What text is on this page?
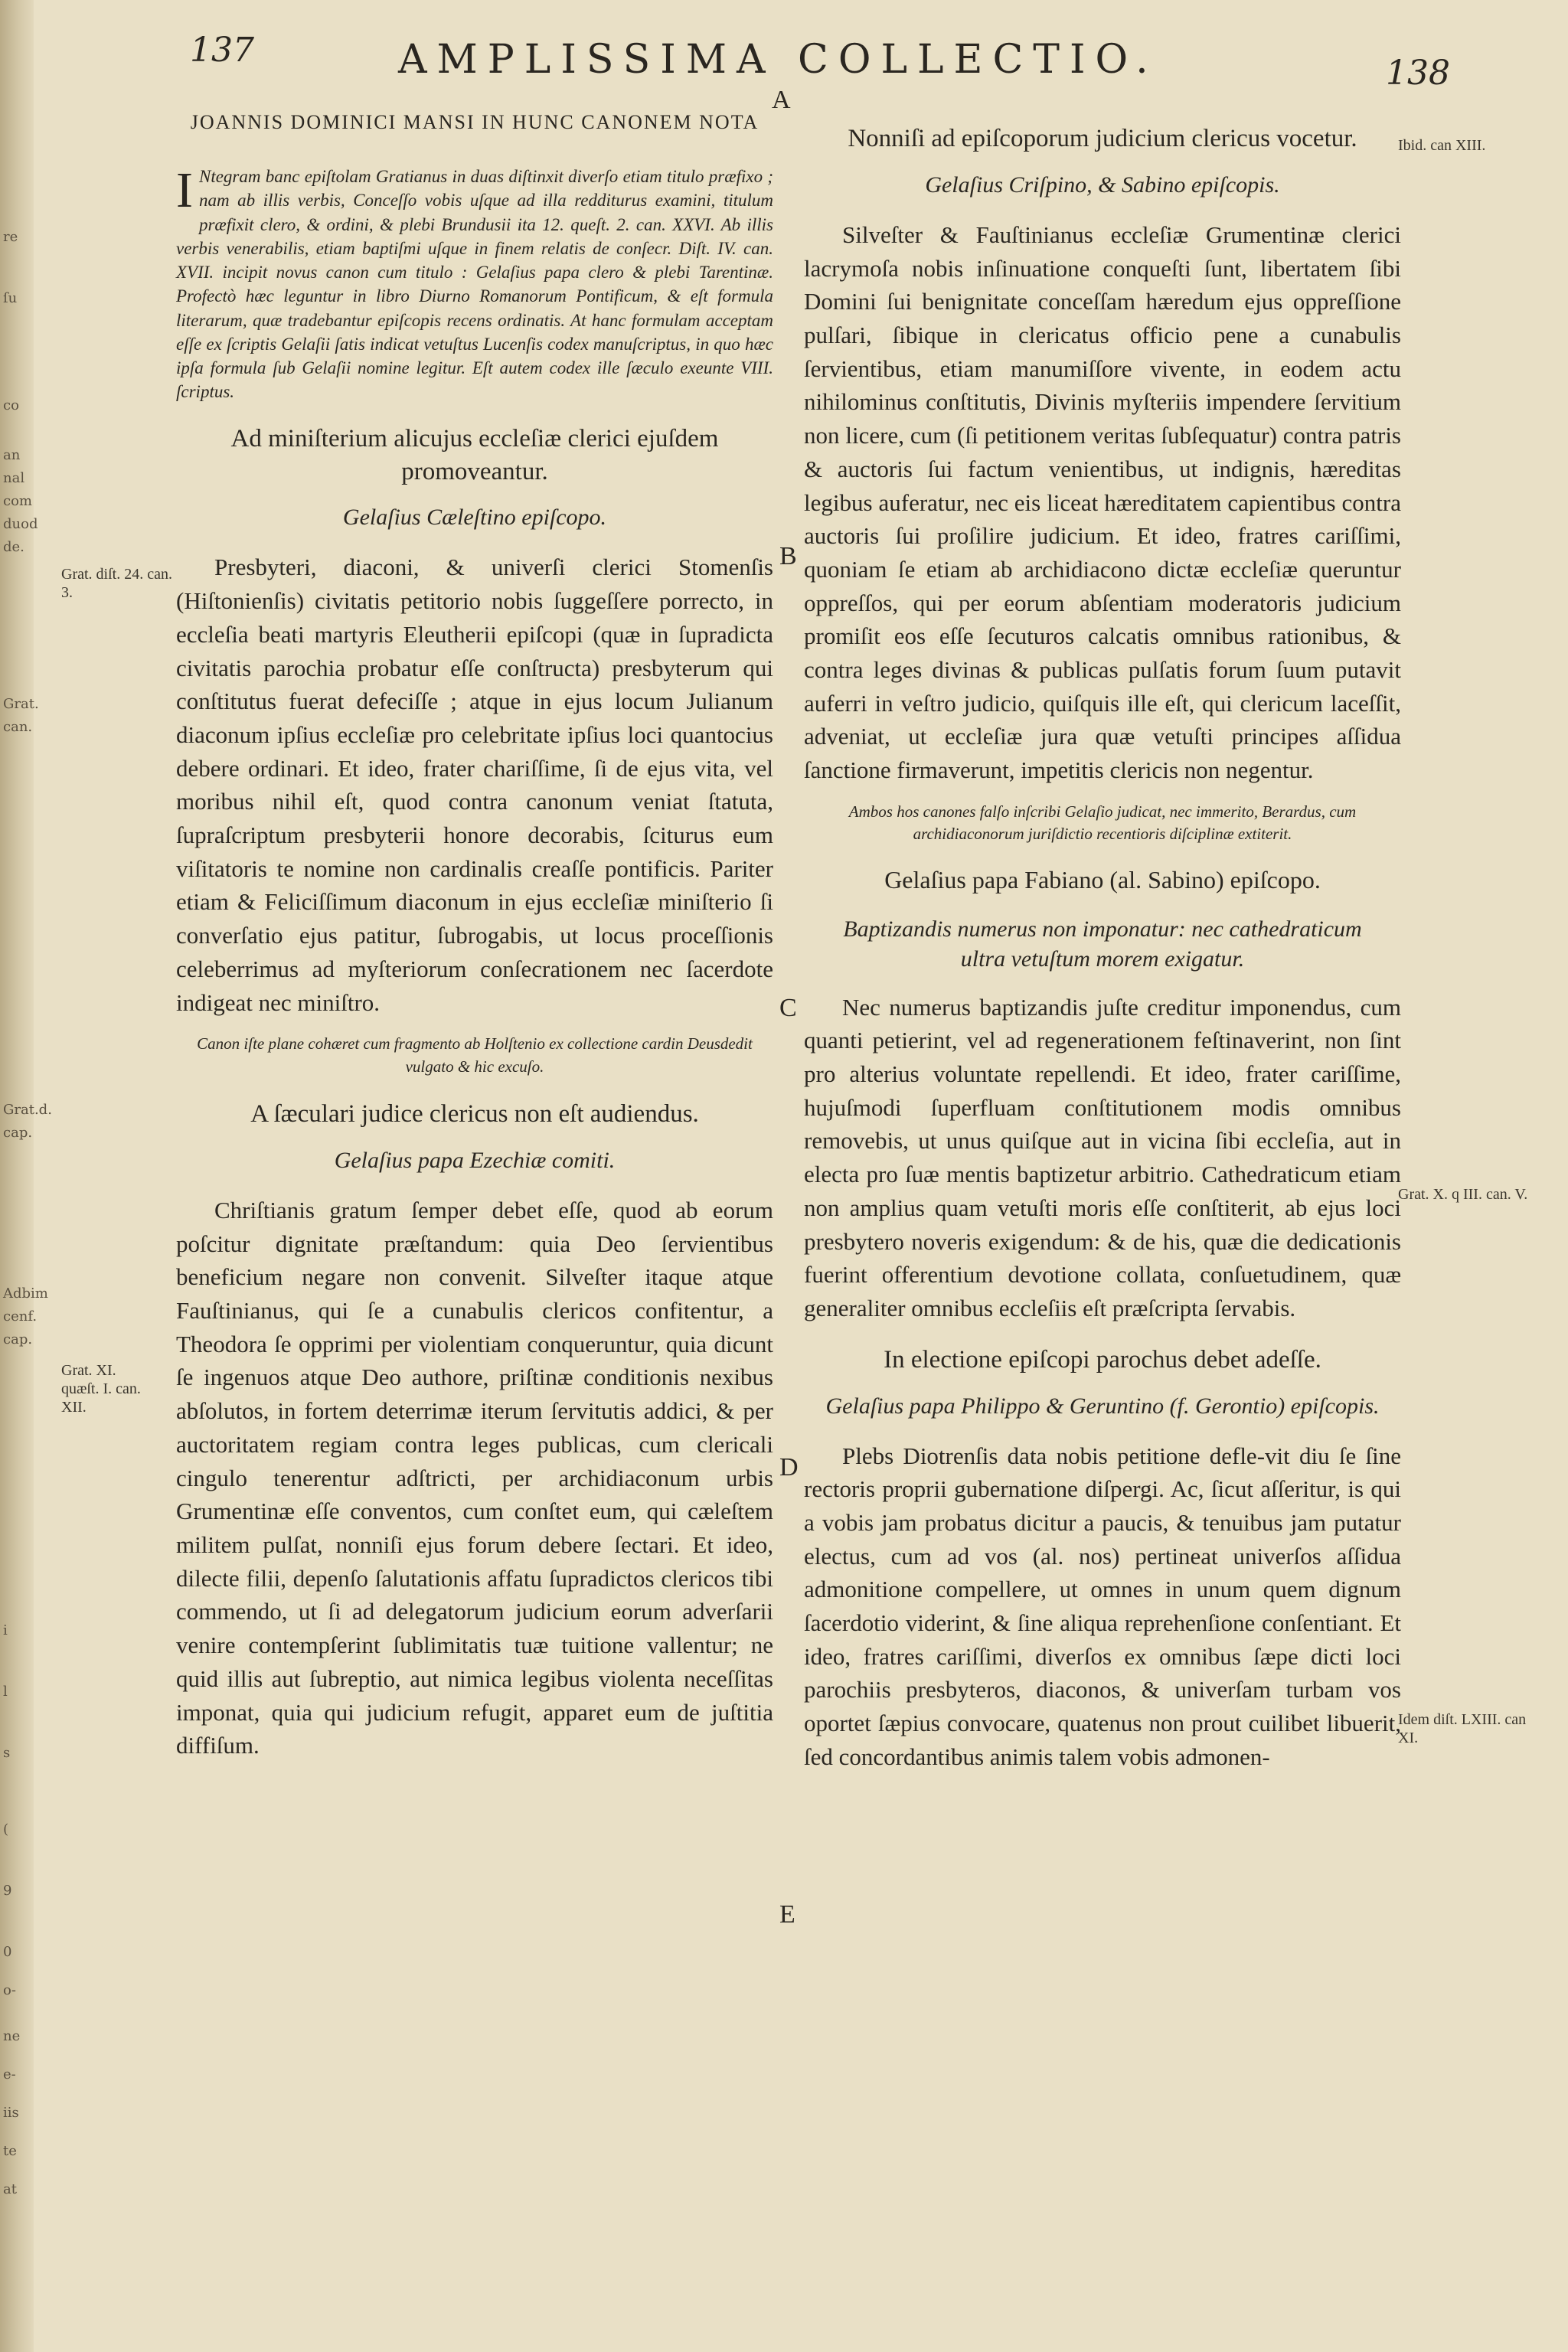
re
ſu
co
an
nal
com
duod
de.
Grat.
can.
Grat.d.
cap.
Adbim
cenf.
cap.
i
l
s
(
9
0
o-
ne
e-
iis
te
at
137	AMPLISSIMA COLLECTIO.	138
A
B
C
D
E
Grat. diſt. 24. can. 3.
Grat. XI. quæſt. I. can. XII.
Ibid. can XIII.
Grat. X. q III. can. V.
Idem diſt. LXIII. can XI.
JOANNIS DOMINICI MANSI IN HUNC CANONEM NOTA

I Ntegram banc epiſtolam Gratianus in duas diſtinxit diverſo etiam titulo præfixo ; nam ab illis verbis, Conceſſo vobis uſque ad illa redditurus examini, titulum præfixit clero, & ordini, & plebi Brundusii ita 12. queſt. 2. can. XXVI. Ab illis verbis venerabilis, etiam baptiſmi uſque in finem relatis de conſecr. Diſt. IV. can. XVII. incipit novus canon cum titulo : Gelaſius papa clero & plebi Tarentinæ. Profectò hæc leguntur in libro Diurno Romanorum Pontificum, & eſt formula literarum, quæ tradebantur epiſcopis recens ordinatis. At hanc formulam acceptam eſſe ex ſcriptis Gelaſii ſatis indicat vetuſtus Lucenſis codex manuſcriptus, in quo hæc ipſa formula ſub Gelaſii nomine legitur. Eſt autem codex ille ſæculo exeunte VIII. ſcriptus.

Ad miniſterium alicujus eccleſiæ clerici ejuſdem promoveantur.
Gelaſius Cæleſtino epiſcopo.

Presbyteri, diaconi, & univerſi clerici Stomenſis (Hiſtonienſis) civitatis petitorio nobis ſuggeſſere porrecto, in eccleſia beati martyris Eleutherii epiſcopi (quæ in ſupradicta civitatis parochia probatur eſſe conſtructa) presbyterum qui conſtitutus fuerat defeciſſe ; atque in ejus locum Julianum diaconum ipſius eccleſiæ pro celebritate ipſius loci quantocius debere ordinari. Et ideo, frater chariſſime, ſi de ejus vita, vel moribus nihil eſt, quod contra canonum veniat ſtatuta, ſupraſcriptum presbyterii honore decorabis, ſciturus eum viſitatoris te nomine non cardinalis creaſſe pontificis. Pariter etiam & Feliciſſimum diaconum in ejus eccleſiæ miniſterio ſi converſatio ejus patitur, ſubrogabis, ut locus proceſſionis celeberrimus ad myſteriorum conſecrationem nec ſacerdote indigeat nec miniſtro.

Canon iſte plane cohæret cum fragmento ab Holſtenio ex collectione cardin Deusdedit vulgato & hic excuſo.

A ſæculari judice clericus non eſt audiendus.
Gelaſius papa Ezechiæ comiti.

Chriſtianis gratum ſemper debet eſſe, quod ab eorum poſcitur dignitate præſtandum: quia Deo ſervientibus beneficium negare non convenit. Silveſter itaque atque Fauſtinianus, qui ſe a cunabulis clericos confitentur, a Theodora ſe opprimi per violentiam conqueruntur, quia dicunt ſe ingenuos atque Deo authore, priſtinæ conditionis nexibus abſolutos, in fortem deterrimæ iterum ſervitutis addici, & per auctoritatem regiam contra leges publicas, cum clericali cingulo tenerentur adſtricti, per archidiaconum urbis Grumentinæ eſſe conventos, cum conſtet eum, qui cæleſtem militem pulſat, nonniſi ejus forum debere ſectari. Et ideo, dilecte filii, depenſo ſalutationis affatu ſupradictos clericos tibi commendo, ut ſi ad delegatorum judicium eorum adverſarii venire contempſerint ſublimitatis tuæ tuitione vallentur; ne quid illis aut ſubreptio, aut nimica legibus violenta neceſſitas imponat, quia qui judicium refugit, apparet eum de juſtitia diffiſum.

Nonniſi ad epiſcoporum judicium clericus vocetur.
Gelaſius Criſpino, & Sabino epiſcopis.

Silveſter & Fauſtinianus eccleſiæ Grumentinæ clerici lacrymoſa nobis inſinuatione conqueſti ſunt, libertatem ſibi Domini ſui benignitate conceſſam hæredum ejus oppreſſione pulſari, ſibique in clericatus officio pene a cunabulis ſervientibus, etiam manumiſſore vivente, in eodem actu nihilominus conſtitutis, Divinis myſteriis impendere ſervitium non licere, cum (ſi petitionem veritas ſubſequatur) contra patris & auctoris ſui factum venientibus, ut indignis, hæreditas legibus auferatur, nec eis liceat hæreditatem capientibus contra auctoris ſui proſilire judicium. Et ideo, fratres cariſſimi, quoniam ſe etiam ab archidiacono dictæ eccleſiæ queruntur oppreſſos, qui per eorum abſentiam moderatoris judicium promiſit eos eſſe ſecuturos calcatis omnibus rationibus, & contra leges divinas & publicas pulſatis forum ſuum putavit auferri in veſtro judicio, quiſquis ille eſt, qui clericum laceſſit, adveniat, ut eccleſiæ jura quæ vetuſti principes aſſidua ſanctione firmaverunt, impetitis clericis non negentur.

Ambos hos canones falſo inſcribi Gelaſio judicat, nec immerito, Berardus, cum archidiaconorum juriſdictio recentioris diſciplinæ extiterit.

Gelaſius papa Fabiano (al. Sabino) epiſcopo.
Baptizandis numerus non imponatur: nec cathedraticum ultra vetuſtum morem exigatur.

Nec numerus baptizandis juſte creditur imponendus, cum quanti petierint, vel ad regenerationem feſtinaverint, non ſint pro alterius voluntate repellendi. Et ideo, frater cariſſime, hujuſmodi ſuperfluam conſtitutionem modis omnibus removebis, ut unus quiſque aut in vicina ſibi eccleſia, aut in electa pro ſuæ mentis baptizetur arbitrio. Cathedraticum etiam non amplius quam vetuſti moris eſſe conſtiterit, ab ejus loci presbytero noveris exigendum: & de his, quæ die dedicationis fuerint offerentium devotione collata, conſuetudinem, quæ generaliter omnibus eccleſiis eſt præſcripta ſervabis.

In electione epiſcopi parochus debet adeſſe.
Gelaſius papa Philippo & Geruntino (f. Gerontio) epiſcopis.

Plebs Diotrenſis data nobis petitione defle-vit diu ſe ſine rectoris proprii gubernatione diſpergi. Ac, ſicut aſſeritur, is qui a vobis jam probatus dicitur a paucis, & tenuibus jam putatur electus, cum ad vos (al. nos) pertineat univerſos aſſidua admonitione compellere, ut omnes in unum quem dignum ſacerdotio viderint, & ſine aliqua reprehenſione conſentiant. Et ideo, fratres cariſſimi, diverſos ex omnibus ſæpe dicti loci parochiis presbyteros, diaconos, & univerſam turbam vos oportet ſæpius convocare, quatenus non prout cuilibet libuerit, ſed concordantibus animis talem vobis admonen-
